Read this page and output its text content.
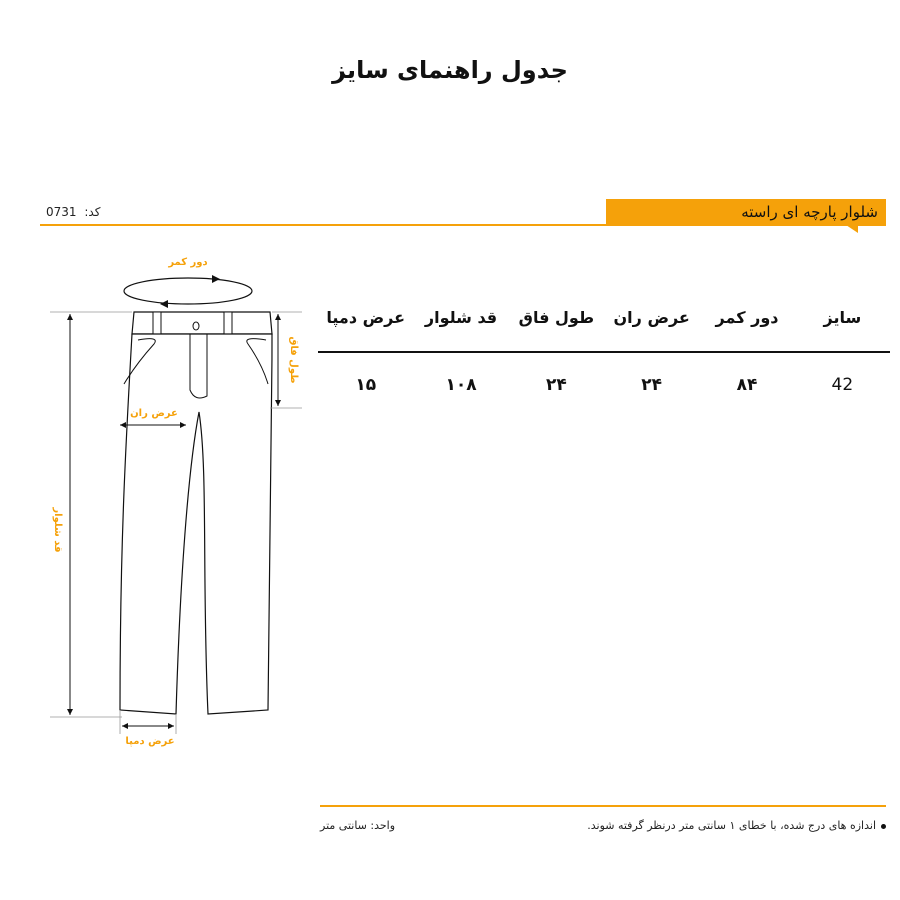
جدول راهنمای سایز
کد: 0731	شلوار پارچه ای راسته
دور کمر
عرض ران
طول فاق
قد شلوار
عرض دمپا
سایز
دور کمر
عرض ران
طول فاق
قد شلوار
عرض دمپا
42
۸۴
۲۴
۲۴
۱۰۸
۱۵
اندازه های درج شده، با خطای ۱ سانتی متر درنظر گرفته شوند.
واحد: سانتی متر
